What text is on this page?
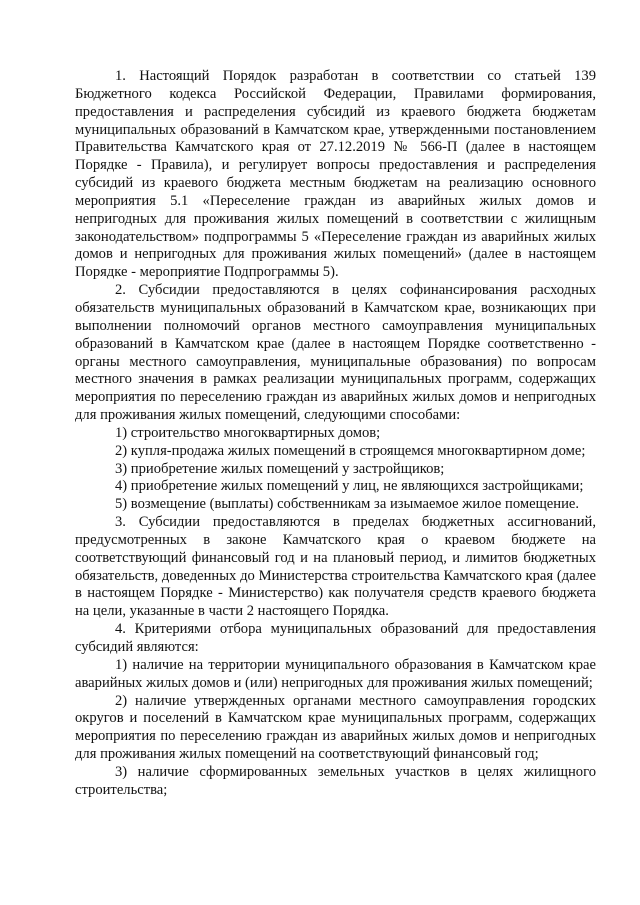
1. Настоящий Порядок разработан в соответствии со статьей 139 Бюджетного кодекса Российской Федерации, Правилами формирования, предоставления и распределения субсидий из краевого бюджета бюджетам муниципальных образований в Камчатском крае, утвержденными постановлением Правительства Камчатского края от 27.12.2019 № 566-П (далее в настоящем Порядке - Правила), и регулирует вопросы предоставления и распределения субсидий из краевого бюджета местным бюджетам на реализацию основного мероприятия 5.1 «Переселение граждан из аварийных жилых домов и непригодных для проживания жилых помещений в соответствии с жилищным законодательством» подпрограммы 5 «Переселение граждан из аварийных жилых домов и непригодных для проживания жилых помещений» (далее в настоящем Порядке - мероприятие Подпрограммы 5).

2. Субсидии предоставляются в целях софинансирования расходных обязательств муниципальных образований в Камчатском крае, возникающих при выполнении полномочий органов местного самоуправления муниципальных образований в Камчатском крае (далее в настоящем Порядке соответственно - органы местного самоуправления, муниципальные образования) по вопросам местного значения в рамках реализации муниципальных программ, содержащих мероприятия по переселению граждан из аварийных жилых домов и непригодных для проживания жилых помещений, следующими способами:

1) строительство многоквартирных домов;

2) купля-продажа жилых помещений в строящемся многоквартирном доме;

3) приобретение жилых помещений у застройщиков;

4) приобретение жилых помещений у лиц, не являющихся застройщиками;

5) возмещение (выплаты) собственникам за изымаемое жилое помещение.

3. Субсидии предоставляются в пределах бюджетных ассигнований, предусмотренных в законе Камчатского края о краевом бюджете на соответствующий финансовый год и на плановый период, и лимитов бюджетных обязательств, доведенных до Министерства строительства Камчатского края (далее в настоящем Порядке - Министерство) как получателя средств краевого бюджета на цели, указанные в части 2 настоящего Порядка.

4. Критериями отбора муниципальных образований для предоставления субсидий являются:

1) наличие на территории муниципального образования в Камчатском крае аварийных жилых домов и (или) непригодных для проживания жилых помещений;

2) наличие утвержденных органами местного самоуправления городских округов и поселений в Камчатском крае муниципальных программ, содержащих мероприятия по переселению граждан из аварийных жилых домов и непригодных для проживания жилых помещений на соответствующий финансовый год;

3) наличие сформированных земельных участков в целях жилищного строительства;
